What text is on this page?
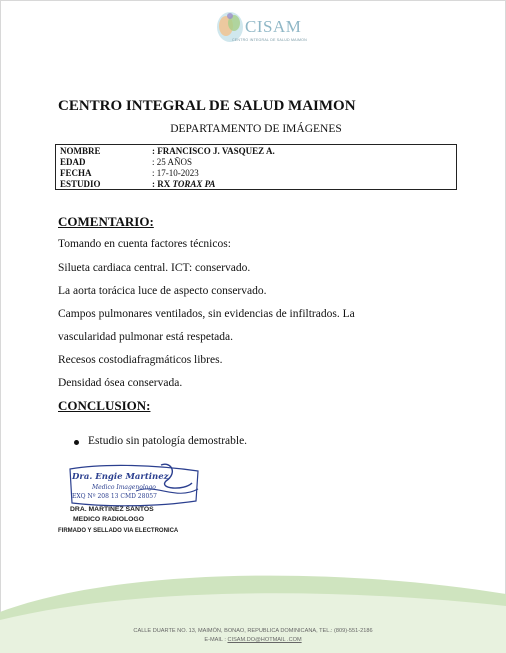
CISAM
CENTRO INTEGRAL DE SALUD MAIMON
CENTRO INTEGRAL DE SALUD MAIMON
DEPARTAMENTO DE IMÁGENES
NOMBRE	: FRANCISCO J. VASQUEZ A.
EDAD	: 25 AÑOS
FECHA	: 17-10-2023
ESTUDIO	: RX TORAX PA
COMENTARIO:
Tomando en cuenta factores técnicos:
Silueta cardiaca central. ICT: conservado.
La aorta torácica luce de aspecto conservado.
Campos pulmonares ventilados, sin evidencias de infiltrados. La
vascularidad pulmonar está respetada.
Recesos costodiafragmáticos libres.
Densidad ósea conservada.
CONCLUSION:
Estudio sin patología demostrable.
Dra. Engie Martinez
Medico Imagenologo
EXQ Nº 208 13 CMD 28057
DRA. MARTINEZ SANTOS
MEDICO RADIOLOGO
FIRMADO Y SELLADO VIA ELECTRONICA
CALLE DUARTE NO. 13, MAIMÓN, BONAO, REPUBLICA DOMINICANA, TEL.: (809)-551-2186
E-MAIL : CISAM.DO@HOTMAIL .COM
